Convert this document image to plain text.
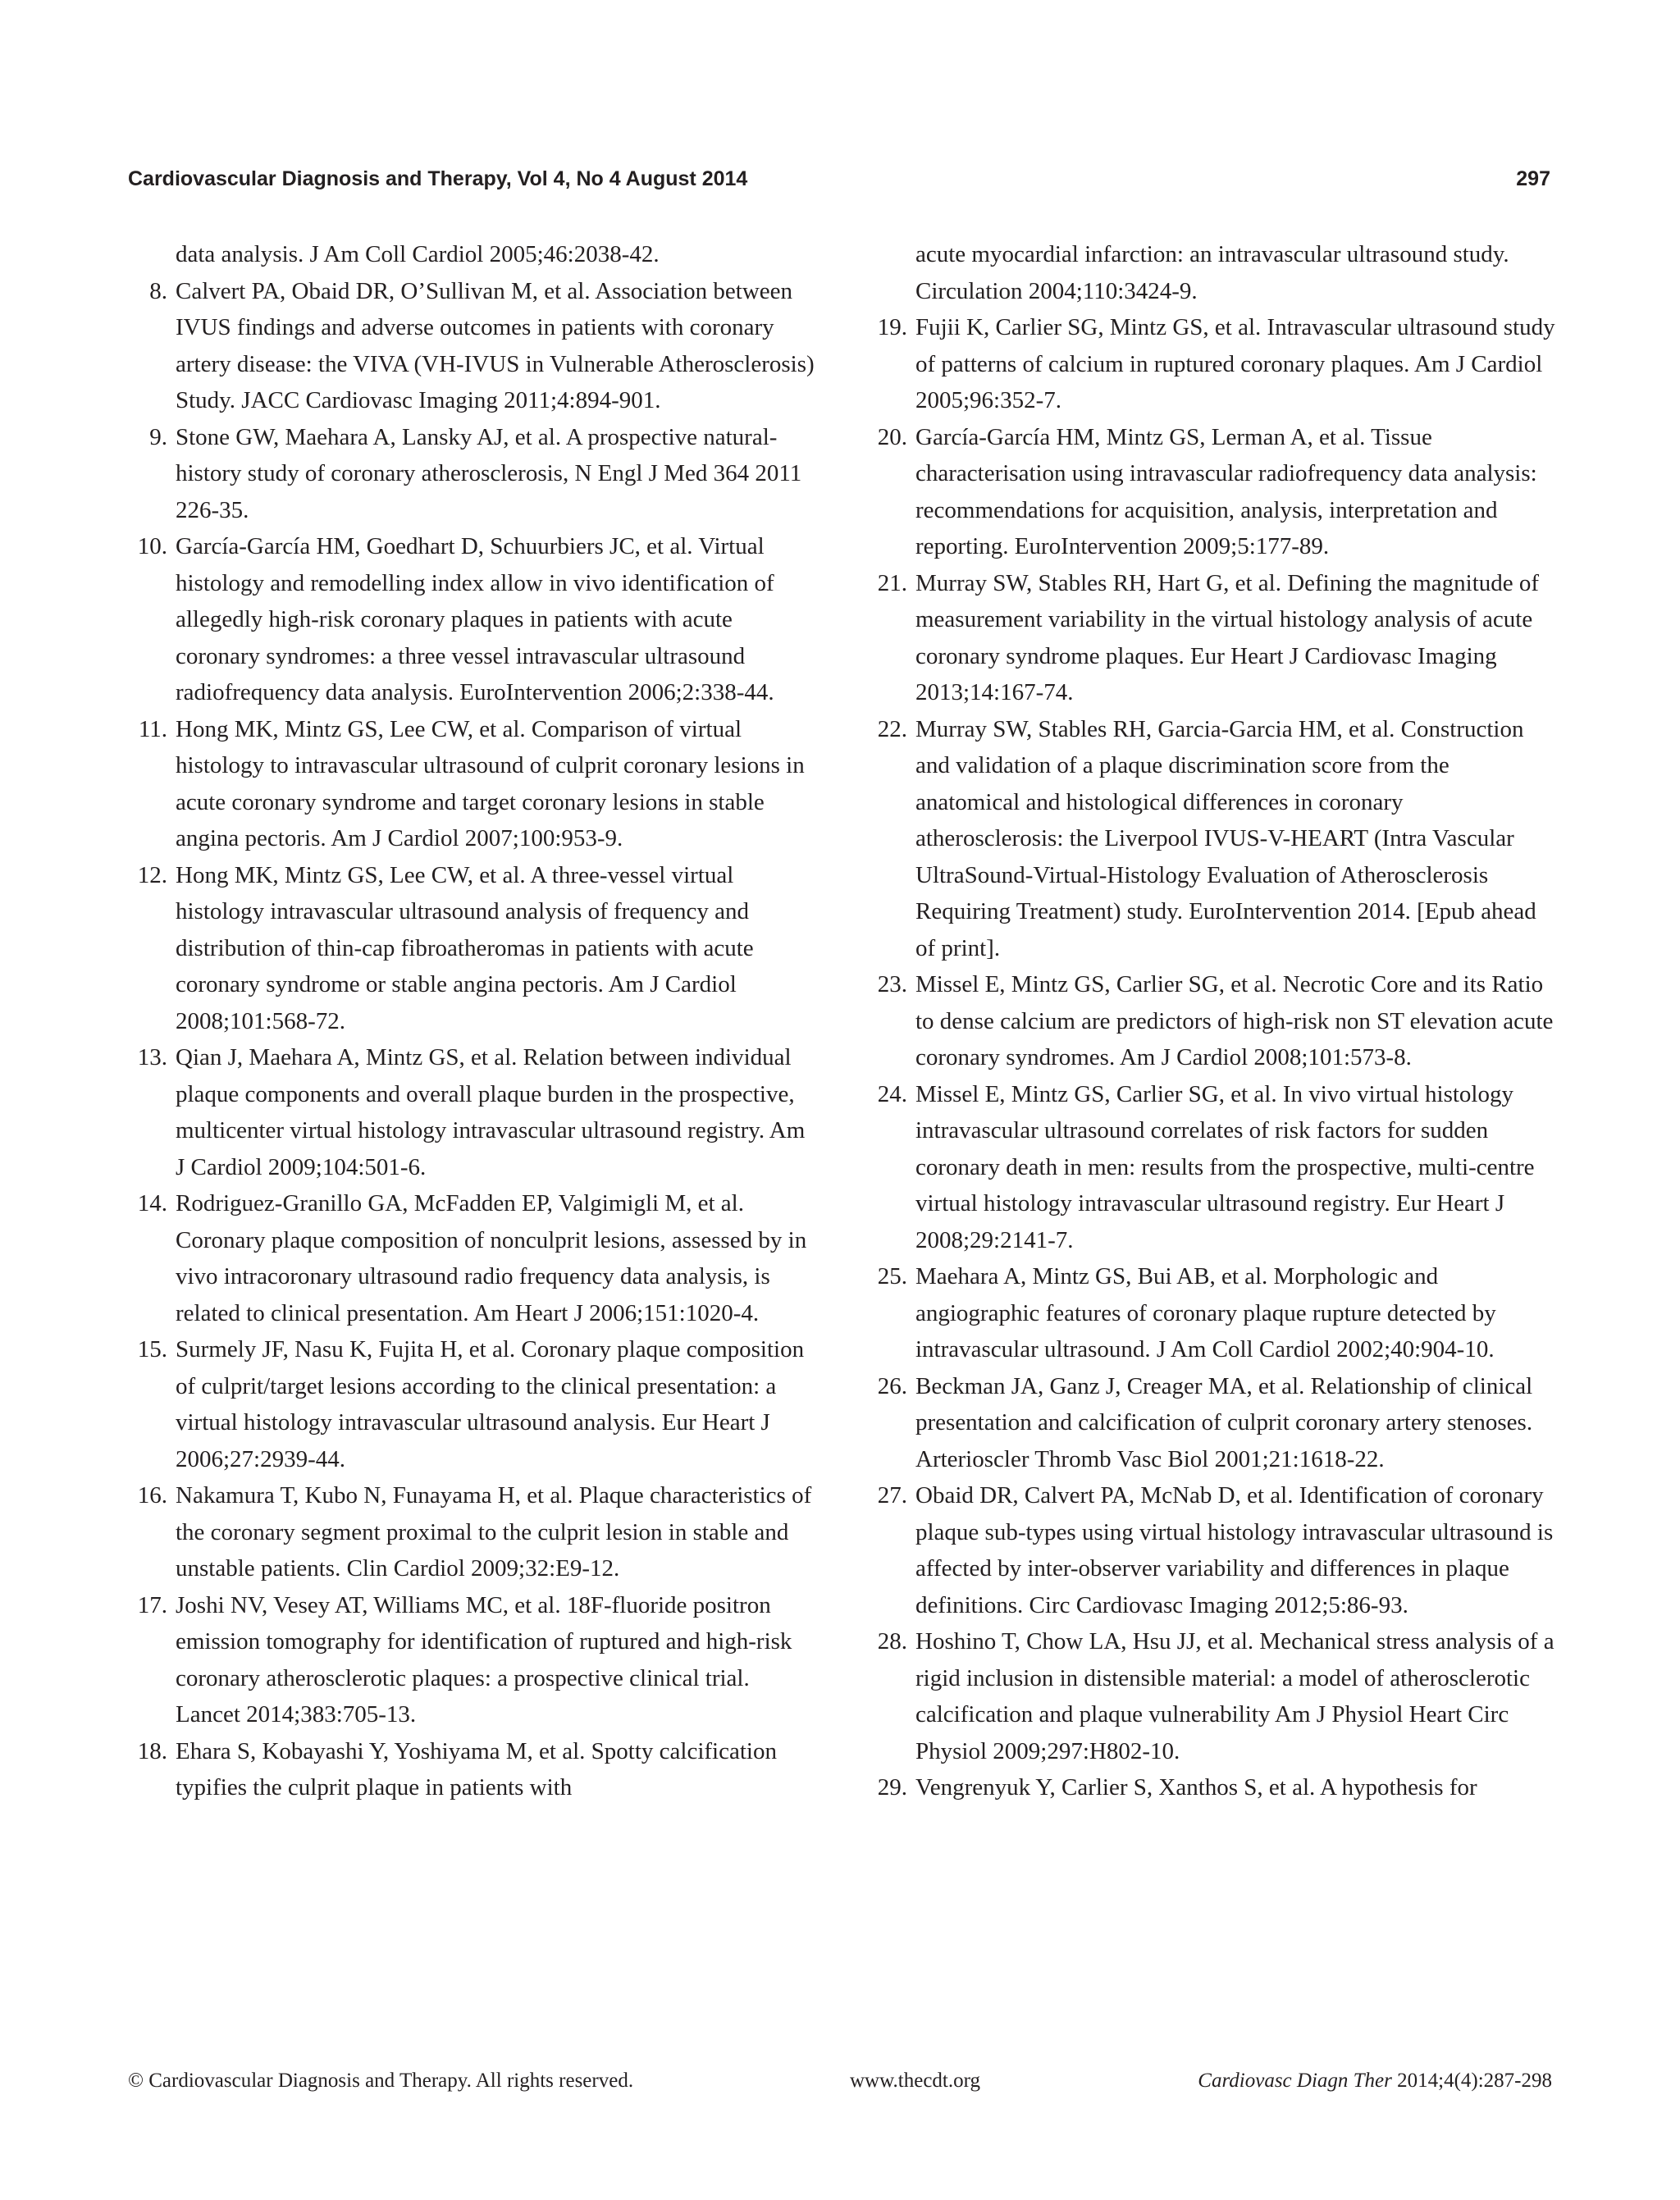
Cardiovascular Diagnosis and Therapy, Vol 4, No 4 August 2014	297
data analysis. J Am Coll Cardiol 2005;46:2038-42.
8. Calvert PA, Obaid DR, O’Sullivan M, et al. Association between IVUS findings and adverse outcomes in patients with coronary artery disease: the VIVA (VH-IVUS in Vulnerable Atherosclerosis) Study. JACC Cardiovasc Imaging 2011;4:894-901.
9. Stone GW, Maehara A, Lansky AJ, et al. A prospective natural-history study of coronary atherosclerosis, N Engl J Med 364 2011 226-35.
10. García-García HM, Goedhart D, Schuurbiers JC, et al. Virtual histology and remodelling index allow in vivo identification of allegedly high-risk coronary plaques in patients with acute coronary syndromes: a three vessel intravascular ultrasound radiofrequency data analysis. EuroIntervention 2006;2:338-44.
11. Hong MK, Mintz GS, Lee CW, et al. Comparison of virtual histology to intravascular ultrasound of culprit coronary lesions in acute coronary syndrome and target coronary lesions in stable angina pectoris. Am J Cardiol 2007;100:953-9.
12. Hong MK, Mintz GS, Lee CW, et al. A three-vessel virtual histology intravascular ultrasound analysis of frequency and distribution of thin-cap fibroatheromas in patients with acute coronary syndrome or stable angina pectoris. Am J Cardiol 2008;101:568-72.
13. Qian J, Maehara A, Mintz GS, et al. Relation between individual plaque components and overall plaque burden in the prospective, multicenter virtual histology intravascular ultrasound registry. Am J Cardiol 2009;104:501-6.
14. Rodriguez-Granillo GA, McFadden EP, Valgimigli M, et al. Coronary plaque composition of nonculprit lesions, assessed by in vivo intracoronary ultrasound radio frequency data analysis, is related to clinical presentation. Am Heart J 2006;151:1020-4.
15. Surmely JF, Nasu K, Fujita H, et al. Coronary plaque composition of culprit/target lesions according to the clinical presentation: a virtual histology intravascular ultrasound analysis. Eur Heart J 2006;27:2939-44.
16. Nakamura T, Kubo N, Funayama H, et al. Plaque characteristics of the coronary segment proximal to the culprit lesion in stable and unstable patients. Clin Cardiol 2009;32:E9-12.
17. Joshi NV, Vesey AT, Williams MC, et al. 18F-fluoride positron emission tomography for identification of ruptured and high-risk coronary atherosclerotic plaques: a prospective clinical trial. Lancet 2014;383:705-13.
18. Ehara S, Kobayashi Y, Yoshiyama M, et al. Spotty calcification typifies the culprit plaque in patients with
acute myocardial infarction: an intravascular ultrasound study. Circulation 2004;110:3424-9.
19. Fujii K, Carlier SG, Mintz GS, et al. Intravascular ultrasound study of patterns of calcium in ruptured coronary plaques. Am J Cardiol 2005;96:352-7.
20. García-García HM, Mintz GS, Lerman A, et al. Tissue characterisation using intravascular radiofrequency data analysis: recommendations for acquisition, analysis, interpretation and reporting. EuroIntervention 2009;5:177-89.
21. Murray SW, Stables RH, Hart G, et al. Defining the magnitude of measurement variability in the virtual histology analysis of acute coronary syndrome plaques. Eur Heart J Cardiovasc Imaging 2013;14:167-74.
22. Murray SW, Stables RH, Garcia-Garcia HM, et al. Construction and validation of a plaque discrimination score from the anatomical and histological differences in coronary atherosclerosis: the Liverpool IVUS-V-HEART (Intra Vascular UltraSound-Virtual-Histology Evaluation of Atherosclerosis Requiring Treatment) study. EuroIntervention 2014. [Epub ahead of print].
23. Missel E, Mintz GS, Carlier SG, et al. Necrotic Core and its Ratio to dense calcium are predictors of high-risk non ST elevation acute coronary syndromes. Am J Cardiol 2008;101:573-8.
24. Missel E, Mintz GS, Carlier SG, et al. In vivo virtual histology intravascular ultrasound correlates of risk factors for sudden coronary death in men: results from the prospective, multi-centre virtual histology intravascular ultrasound registry. Eur Heart J 2008;29:2141-7.
25. Maehara A, Mintz GS, Bui AB, et al. Morphologic and angiographic features of coronary plaque rupture detected by intravascular ultrasound. J Am Coll Cardiol 2002;40:904-10.
26. Beckman JA, Ganz J, Creager MA, et al. Relationship of clinical presentation and calcification of culprit coronary artery stenoses. Arterioscler Thromb Vasc Biol 2001;21:1618-22.
27. Obaid DR, Calvert PA, McNab D, et al. Identification of coronary plaque sub-types using virtual histology intravascular ultrasound is affected by inter-observer variability and differences in plaque definitions. Circ Cardiovasc Imaging 2012;5:86-93.
28. Hoshino T, Chow LA, Hsu JJ, et al. Mechanical stress analysis of a rigid inclusion in distensible material: a model of atherosclerotic calcification and plaque vulnerability Am J Physiol Heart Circ Physiol 2009;297:H802-10.
29. Vengrenyuk Y, Carlier S, Xanthos S, et al. A hypothesis for
© Cardiovascular Diagnosis and Therapy. All rights reserved.	www.thecdt.org	Cardiovasc Diagn Ther 2014;4(4):287-298
